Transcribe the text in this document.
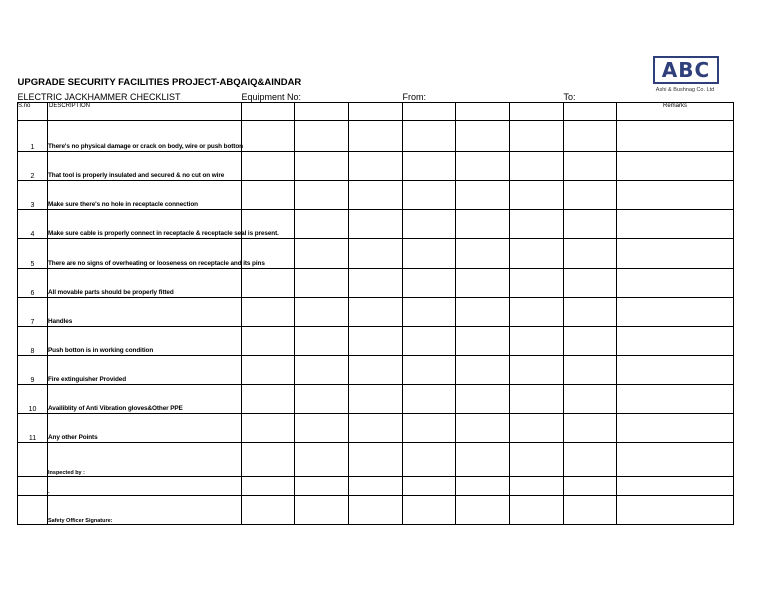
UPGRADE SECURITY FACILITIES PROJECT-ABQAIQ&AINDAR									
ELECTRIC JACKHAMMER CHECKLIST		Equipment No:			From:			To:	
S.no	DESCRIPTION								Remarks
1	There's no physical damage or crack on body, wire or push botton								
2	That tool is properly insulated and secured & no cut on wire								
3	Make sure there's no hole in receptacle connection								
4	Make sure cable is properly connect in receptacle & receptacle seal is present.								
5	There are no signs of overheating or looseness on receptacle and its pins								
6	All movable parts should be properly fitted								
7	Handles								
8	Push botton is in working condition								
9	Fire extinguisher Provided								
10	Availiblity of Anti Vibration gloves&Other PPE								
11	Any other Points								
	Inspected by :								
	.								
	Safety Officer Signature:								
ABC
Ashi & Bushnag Co. Ltd
